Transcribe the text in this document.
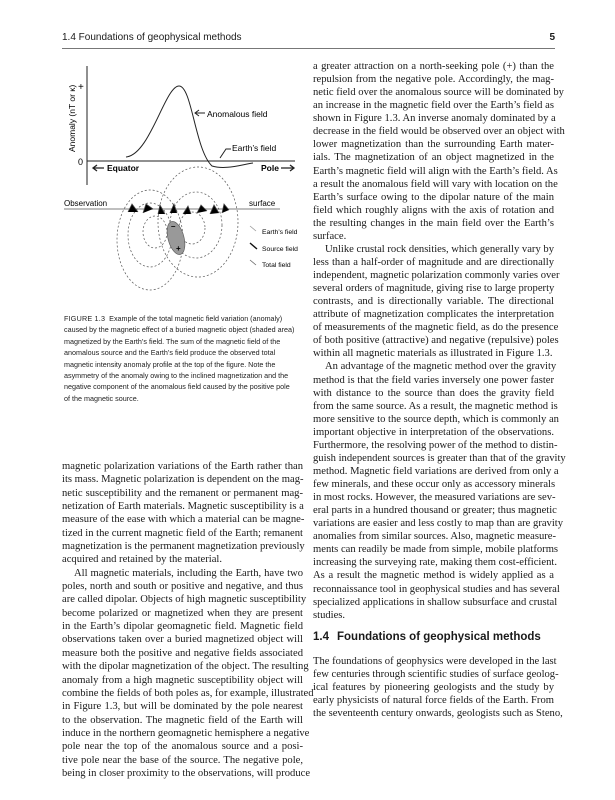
1.4 Foundations of geophysical methods	5
+
0
Anomaly (nT or κ)	Anomalous field
Earth’s field
Equator	Pole
Observation	surface
–
+
Earth’s field
Source field
Total field
FIGURE 1.3 Example of the total magnetic field variation (anomaly) caused by the magnetic effect of a buried magnetic object (shaded area) magnetized by the Earth’s field. The sum of the magnetic field of the anomalous source and the Earth’s field produce the observed total magnetic intensity anomaly profile at the top of the figure. Note the asymmetry of the anomaly owing to the inclined magnetization and the negative component of the anomalous field caused by the positive pole of the magnetic source.
magnetic polarization variations of the Earth rather than
its mass. Magnetic polarization is dependent on the mag-
netic susceptibility and the remanent or permanent mag-
netization of Earth materials. Magnetic susceptibility is a
measure of the ease with which a material can be magne-
tized in the current magnetic field of the Earth; remanent
magnetization is the permanent magnetization previously
acquired and retained by the material.
All magnetic materials, including the Earth, have two
poles, north and south or positive and negative, and thus
are called dipolar. Objects of high magnetic susceptibility
become polarized or magnetized when they are present
in the Earth’s dipolar geomagnetic field. Magnetic field
observations taken over a buried magnetized object will
measure both the positive and negative fields associated
with the dipolar magnetization of the object. The resulting
anomaly from a high magnetic susceptibility object will
combine the fields of both poles as, for example, illustrated
in Figure 1.3, but will be dominated by the pole nearest
to the observation. The magnetic field of the Earth will
induce in the northern geomagnetic hemisphere a negative
pole near the top of the anomalous source and a posi-
tive pole near the base of the source. The negative pole,
being in closer proximity to the observations, will produce
a greater attraction on a north-seeking pole (+) than the
repulsion from the negative pole. Accordingly, the mag-
netic field over the anomalous source will be dominated by
an increase in the magnetic field over the Earth’s field as
shown in Figure 1.3. An inverse anomaly dominated by a
decrease in the field would be observed over an object with
lower magnetization than the surrounding Earth mater-
ials. The magnetization of an object magnetized in the
Earth’s magnetic field will align with the Earth’s field. As
a result the anomalous field will vary with location on the
Earth’s surface owing to the dipolar nature of the main
field which roughly aligns with the axis of rotation and
the resulting changes in the main field over the Earth’s
surface.
Unlike crustal rock densities, which generally vary by
less than a half-order of magnitude and are directionally
independent, magnetic polarization commonly varies over
several orders of magnitude, giving rise to large property
contrasts, and is directionally variable. The directional
attribute of magnetization complicates the interpretation
of measurements of the magnetic field, as do the presence
of both positive (attractive) and negative (repulsive) poles
within all magnetic materials as illustrated in Figure 1.3.
An advantage of the magnetic method over the gravity
method is that the field varies inversely one power faster
with distance to the source than does the gravity field
from the same source. As a result, the magnetic method is
more sensitive to the source depth, which is commonly an
important objective in interpretation of the observations.
Furthermore, the resolving power of the method to distin-
guish independent sources is greater than that of the gravity
method. Magnetic field variations are derived from only a
few minerals, and these occur only as accessory minerals
in most rocks. However, the measured variations are sev-
eral parts in a hundred thousand or greater; thus magnetic
variations are easier and less costly to map than are gravity
anomalies from similar sources. Also, magnetic measure-
ments can readily be made from simple, mobile platforms
increasing the surveying rate, making them cost-efficient.
As a result the magnetic method is widely applied as a
reconnaissance tool in geophysical studies and has several
specialized applications in shallow subsurface and crustal
studies.
1.4 Foundations of geophysical methods
The foundations of geophysics were developed in the last
few centuries through scientific studies of surface geolog-
ical features by pioneering geologists and the study by
early physicists of natural force fields of the Earth. From
the seventeenth century onwards, geologists such as Steno,
